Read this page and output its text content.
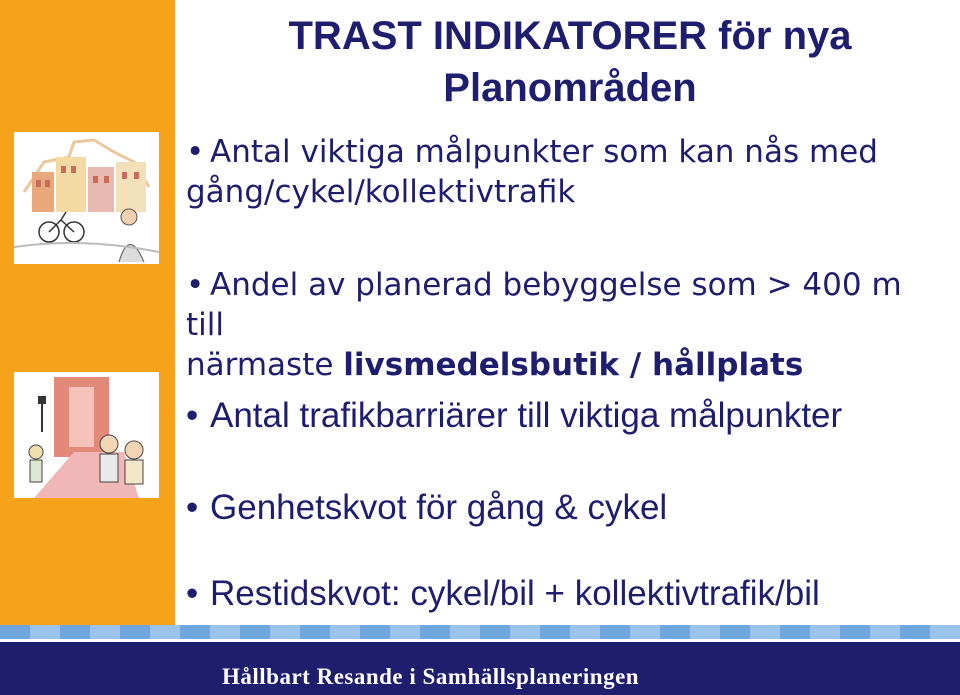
TRAST INDIKATORER för nya
Planområden
• Antal viktiga målpunkter som kan nås med
gång/cykel/kollektivtrafik
• Andel av planerad bebyggelse som > 400 m till
närmaste livsmedelsbutik / hållplats
• Antal trafikbarriärer till viktiga målpunkter
• Genhetskvot för gång & cykel
• Restidskvot: cykel/bil + kollektivtrafik/bil
Hållbart Resande i Samhällsplaneringen
